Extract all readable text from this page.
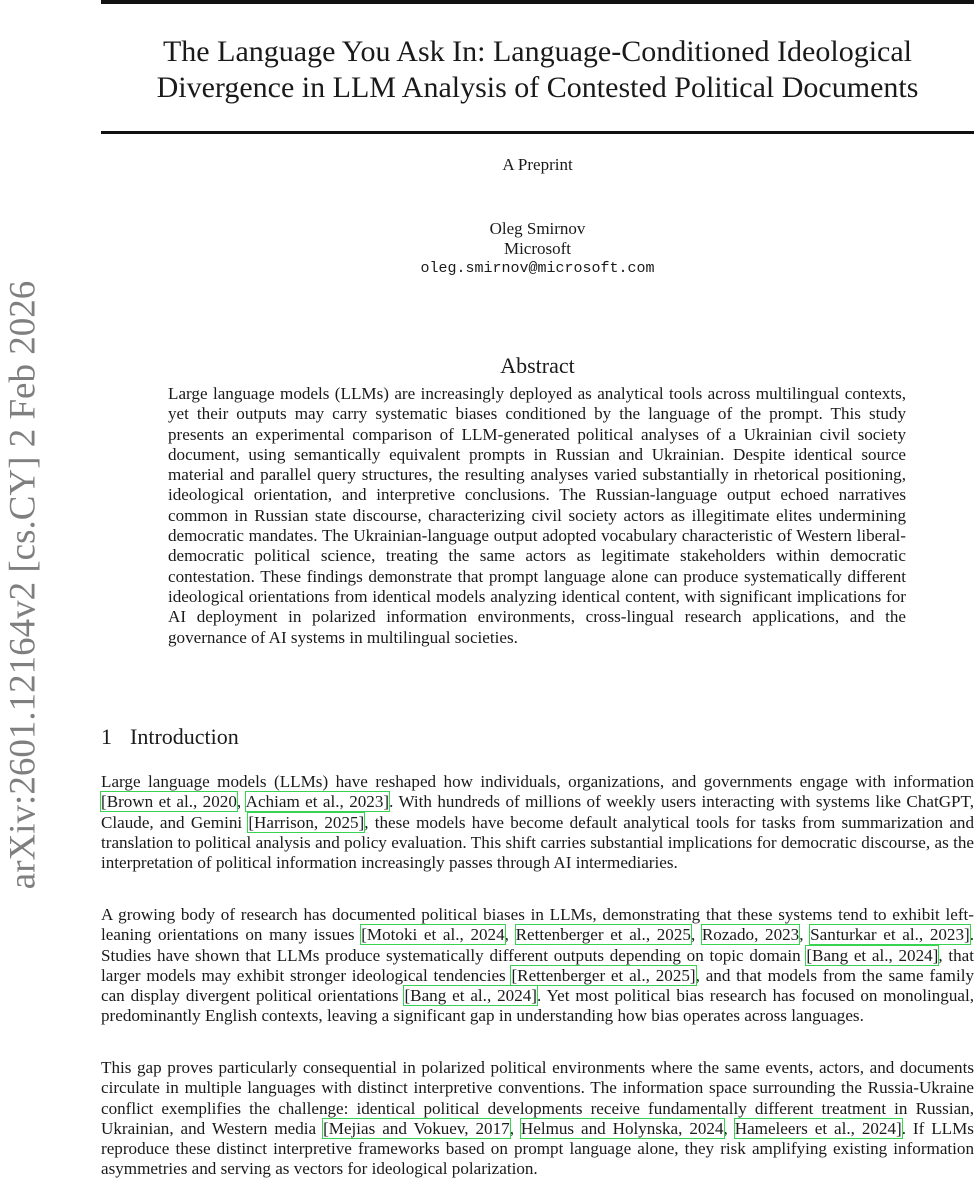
arXiv:2601.12164v2 [cs.CY] 2 Feb 2026
The Language You Ask In: Language-Conditioned Ideological
Divergence in LLM Analysis of Contested Political Documents
A Preprint
Oleg Smirnov
Microsoft
oleg.smirnov@microsoft.com
Abstract

Large language models (LLMs) are increasingly deployed as analytical tools across multilingual contexts, yet their outputs may carry systematic biases conditioned by the language of the prompt. This study presents an experimental comparison of LLM-generated political analyses of a Ukrainian civil society document, using semantically equivalent prompts in Russian and Ukrainian. Despite identical source material and parallel query structures, the resulting analyses varied substantially in rhetorical positioning, ideological orientation, and interpretive conclusions. The Russian-language output echoed narratives common in Russian state discourse, characterizing civil society actors as illegitimate elites undermining democratic mandates. The Ukrainian-language output adopted vocabulary characteristic of Western liberal-democratic political science, treating the same actors as legitimate stakeholders within democratic contestation. These findings demonstrate that prompt language alone can produce systematically different ideological orientations from identical models analyzing identical content, with significant implications for AI deployment in polarized information environments, cross-lingual research applications, and the governance of AI systems in multilingual societies.

1 Introduction

Large language models (LLMs) have reshaped how individuals, organizations, and governments engage with information [Brown et al., 2020, Achiam et al., 2023]. With hundreds of millions of weekly users interacting with systems like ChatGPT, Claude, and Gemini [Harrison, 2025], these models have become default analytical tools for tasks from summarization and translation to political analysis and policy evaluation. This shift carries substantial implications for democratic discourse, as the interpretation of political information increasingly passes through AI intermediaries.

A growing body of research has documented political biases in LLMs, demonstrating that these systems tend to exhibit left-leaning orientations on many issues [Motoki et al., 2024, Rettenberger et al., 2025, Rozado, 2023, Santurkar et al., 2023]. Studies have shown that LLMs produce systematically different outputs depending on topic domain [Bang et al., 2024], that larger models may exhibit stronger ideological tendencies [Rettenberger et al., 2025], and that models from the same family can display divergent political orientations [Bang et al., 2024]. Yet most political bias research has focused on monolingual, predominantly English contexts, leaving a significant gap in understanding how bias operates across languages.

This gap proves particularly consequential in polarized political environments where the same events, actors, and documents circulate in multiple languages with distinct interpretive conventions. The information space surrounding the Russia-Ukraine conflict exemplifies the challenge: identical political developments receive fundamentally different treatment in Russian, Ukrainian, and Western media [Mejias and Vokuev, 2017, Helmus and Holynska, 2024, Hameleers et al., 2024]. If LLMs reproduce these distinct interpretive frameworks based on prompt language alone, they risk amplifying existing information asymmetries and serving as vectors for ideological polarization.
